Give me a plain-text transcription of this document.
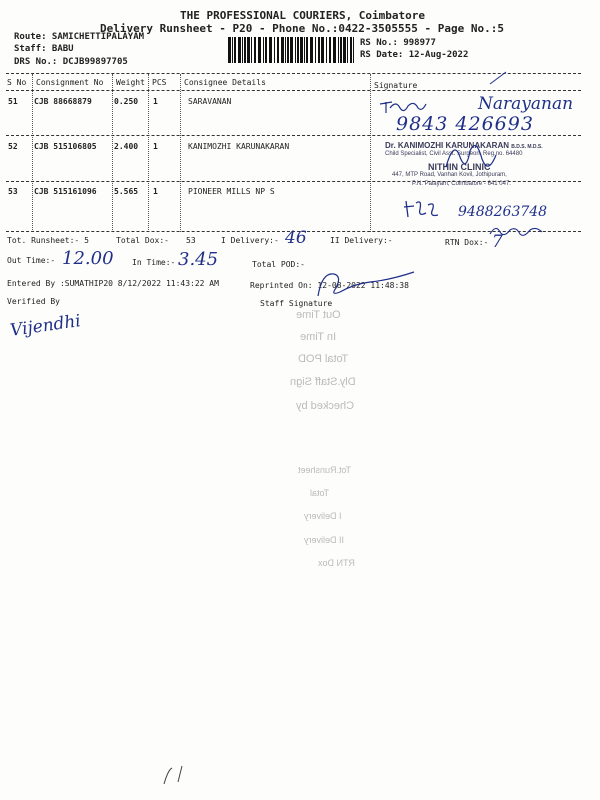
THE PROFESSIONAL COURIERS, Coimbatore
Delivery Runsheet - P20 - Phone No.:0422-3505555 - Page No.:5
Route: SAMICHETTIPALAYAM
Staff: BABU
DRS No.: DCJB99897705
RS No.: 998977
RS Date: 12-Aug-2022
S No Consignment No Weight PCS Consignee Details	Signature
51 CJB 88668879	0.250 1	SARAVANAN
52 CJB 515106805 2.400 1	KANIMOZHI KARUNAKARAN
53 CJB 515161096 5.565 1	PIONEER MILLS NP S
Narayanan
9843 426693
Dr. KANIMOZHI KARUNAKARAN B.D.S. M.D.S.
Child Specialist, Civil Asst. Surgeon, Reg.no. 64480
NITHIN CLINIC
447, MTP Road, Vanhan Kovil, Jothipuram,
P.N. Palayam, Coimbatore - 641 047.
9488263748
Tot. Runsheet:- 5	Total Dox:- 53	I Delivery:- 46	II Delivery:-	RTN Dox:- 7
Out Time:- 12.00 In Time:- 3.45	Total POD:-
Entered By :SUMATHIP20 8/12/2022 11:43:22 AM	Reprinted On: 12-08-2022 11:48:38
Verified By	Staff Signature
Vijendhi	Out Time
In Time
Total POD
Dly.Staff Sign
Checked by
Tot.Runsheet
Total
I Delivery
II Delivery
RTN Dox
